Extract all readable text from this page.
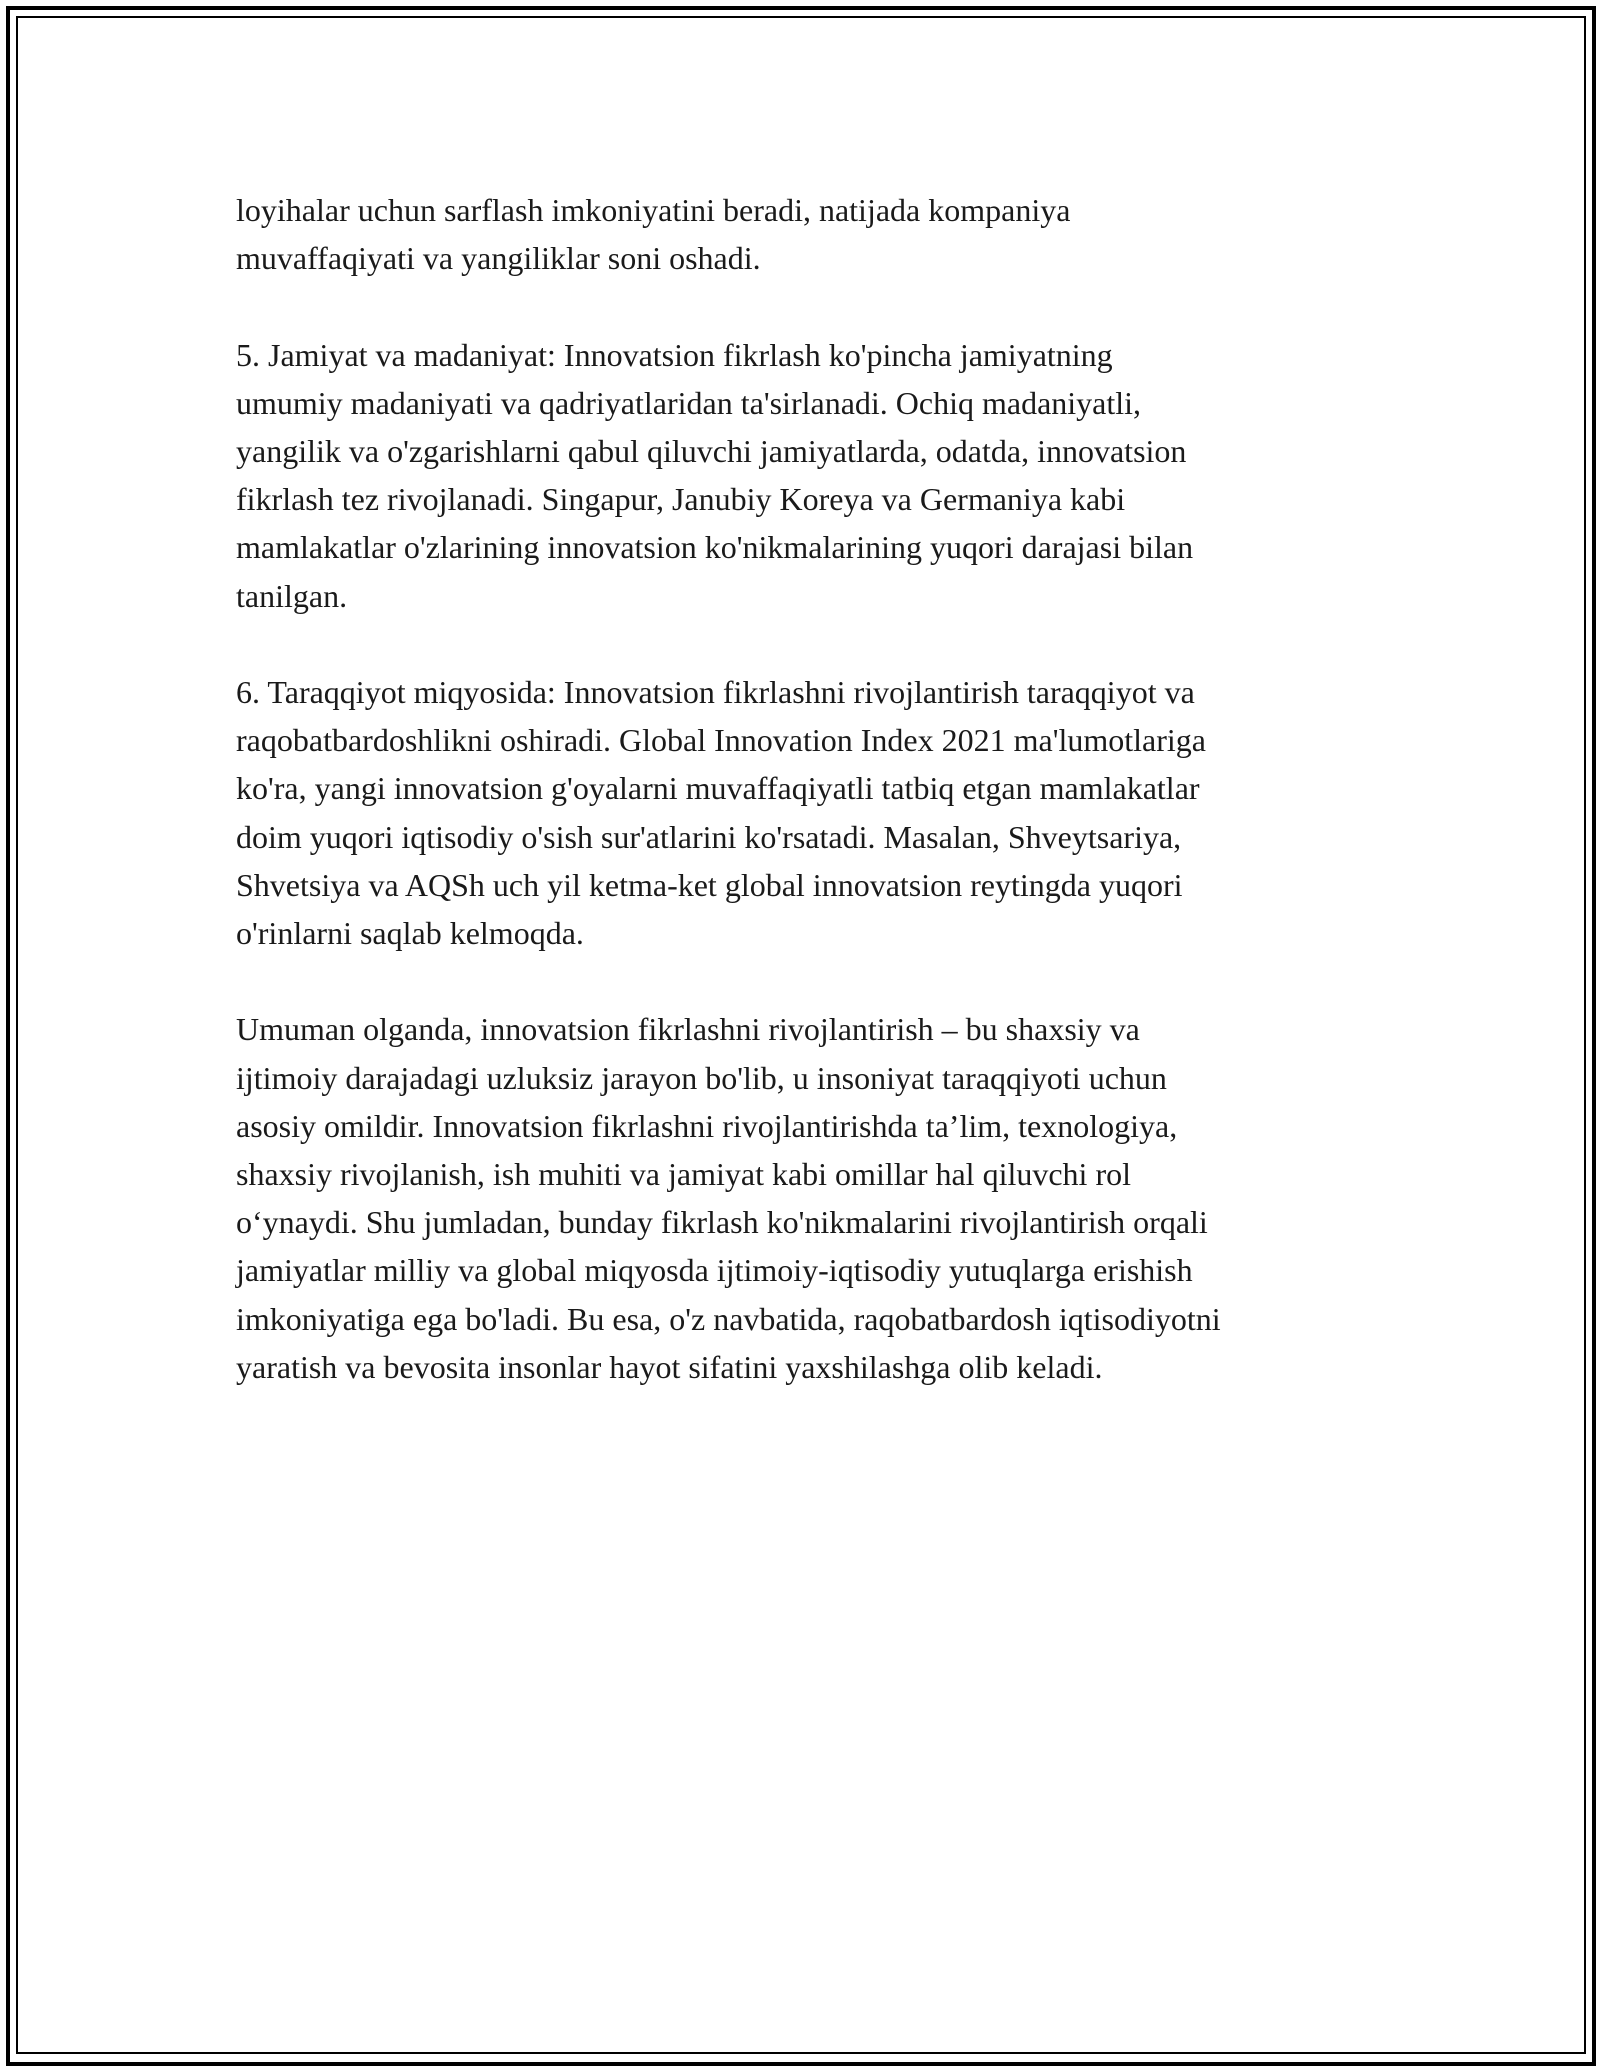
loyihalar uchun sarflash imkoniyatini beradi, natijada kompaniya
muvaffaqiyati va yangiliklar soni oshadi.

5. Jamiyat va madaniyat: Innovatsion fikrlash ko'pincha jamiyatning
umumiy madaniyati va qadriyatlaridan ta'sirlanadi. Ochiq madaniyatli,
yangilik va o'zgarishlarni qabul qiluvchi jamiyatlarda, odatda, innovatsion
fikrlash tez rivojlanadi. Singapur, Janubiy Koreya va Germaniya kabi
mamlakatlar o'zlarining innovatsion ko'nikmalarining yuqori darajasi bilan
tanilgan.

6. Taraqqiyot miqyosida: Innovatsion fikrlashni rivojlantirish taraqqiyot va
raqobatbardoshlikni oshiradi. Global Innovation Index 2021 ma'lumotlariga
ko'ra, yangi innovatsion g'oyalarni muvaffaqiyatli tatbiq etgan mamlakatlar
doim yuqori iqtisodiy o'sish sur'atlarini ko'rsatadi. Masalan, Shveytsariya,
Shvetsiya va AQSh uch yil ketma-ket global innovatsion reytingda yuqori
o'rinlarni saqlab kelmoqda.

Umuman olganda, innovatsion fikrlashni rivojlantirish – bu shaxsiy va
ijtimoiy darajadagi uzluksiz jarayon bo'lib, u insoniyat taraqqiyoti uchun
asosiy omildir. Innovatsion fikrlashni rivojlantirishda ta’lim, texnologiya,
shaxsiy rivojlanish, ish muhiti va jamiyat kabi omillar hal qiluvchi rol
o‘ynaydi. Shu jumladan, bunday fikrlash ko'nikmalarini rivojlantirish orqali
jamiyatlar milliy va global miqyosda ijtimoiy-iqtisodiy yutuqlarga erishish
imkoniyatiga ega bo'ladi. Bu esa, o'z navbatida, raqobatbardosh iqtisodiyotni
yaratish va bevosita insonlar hayot sifatini yaxshilashga olib keladi.
